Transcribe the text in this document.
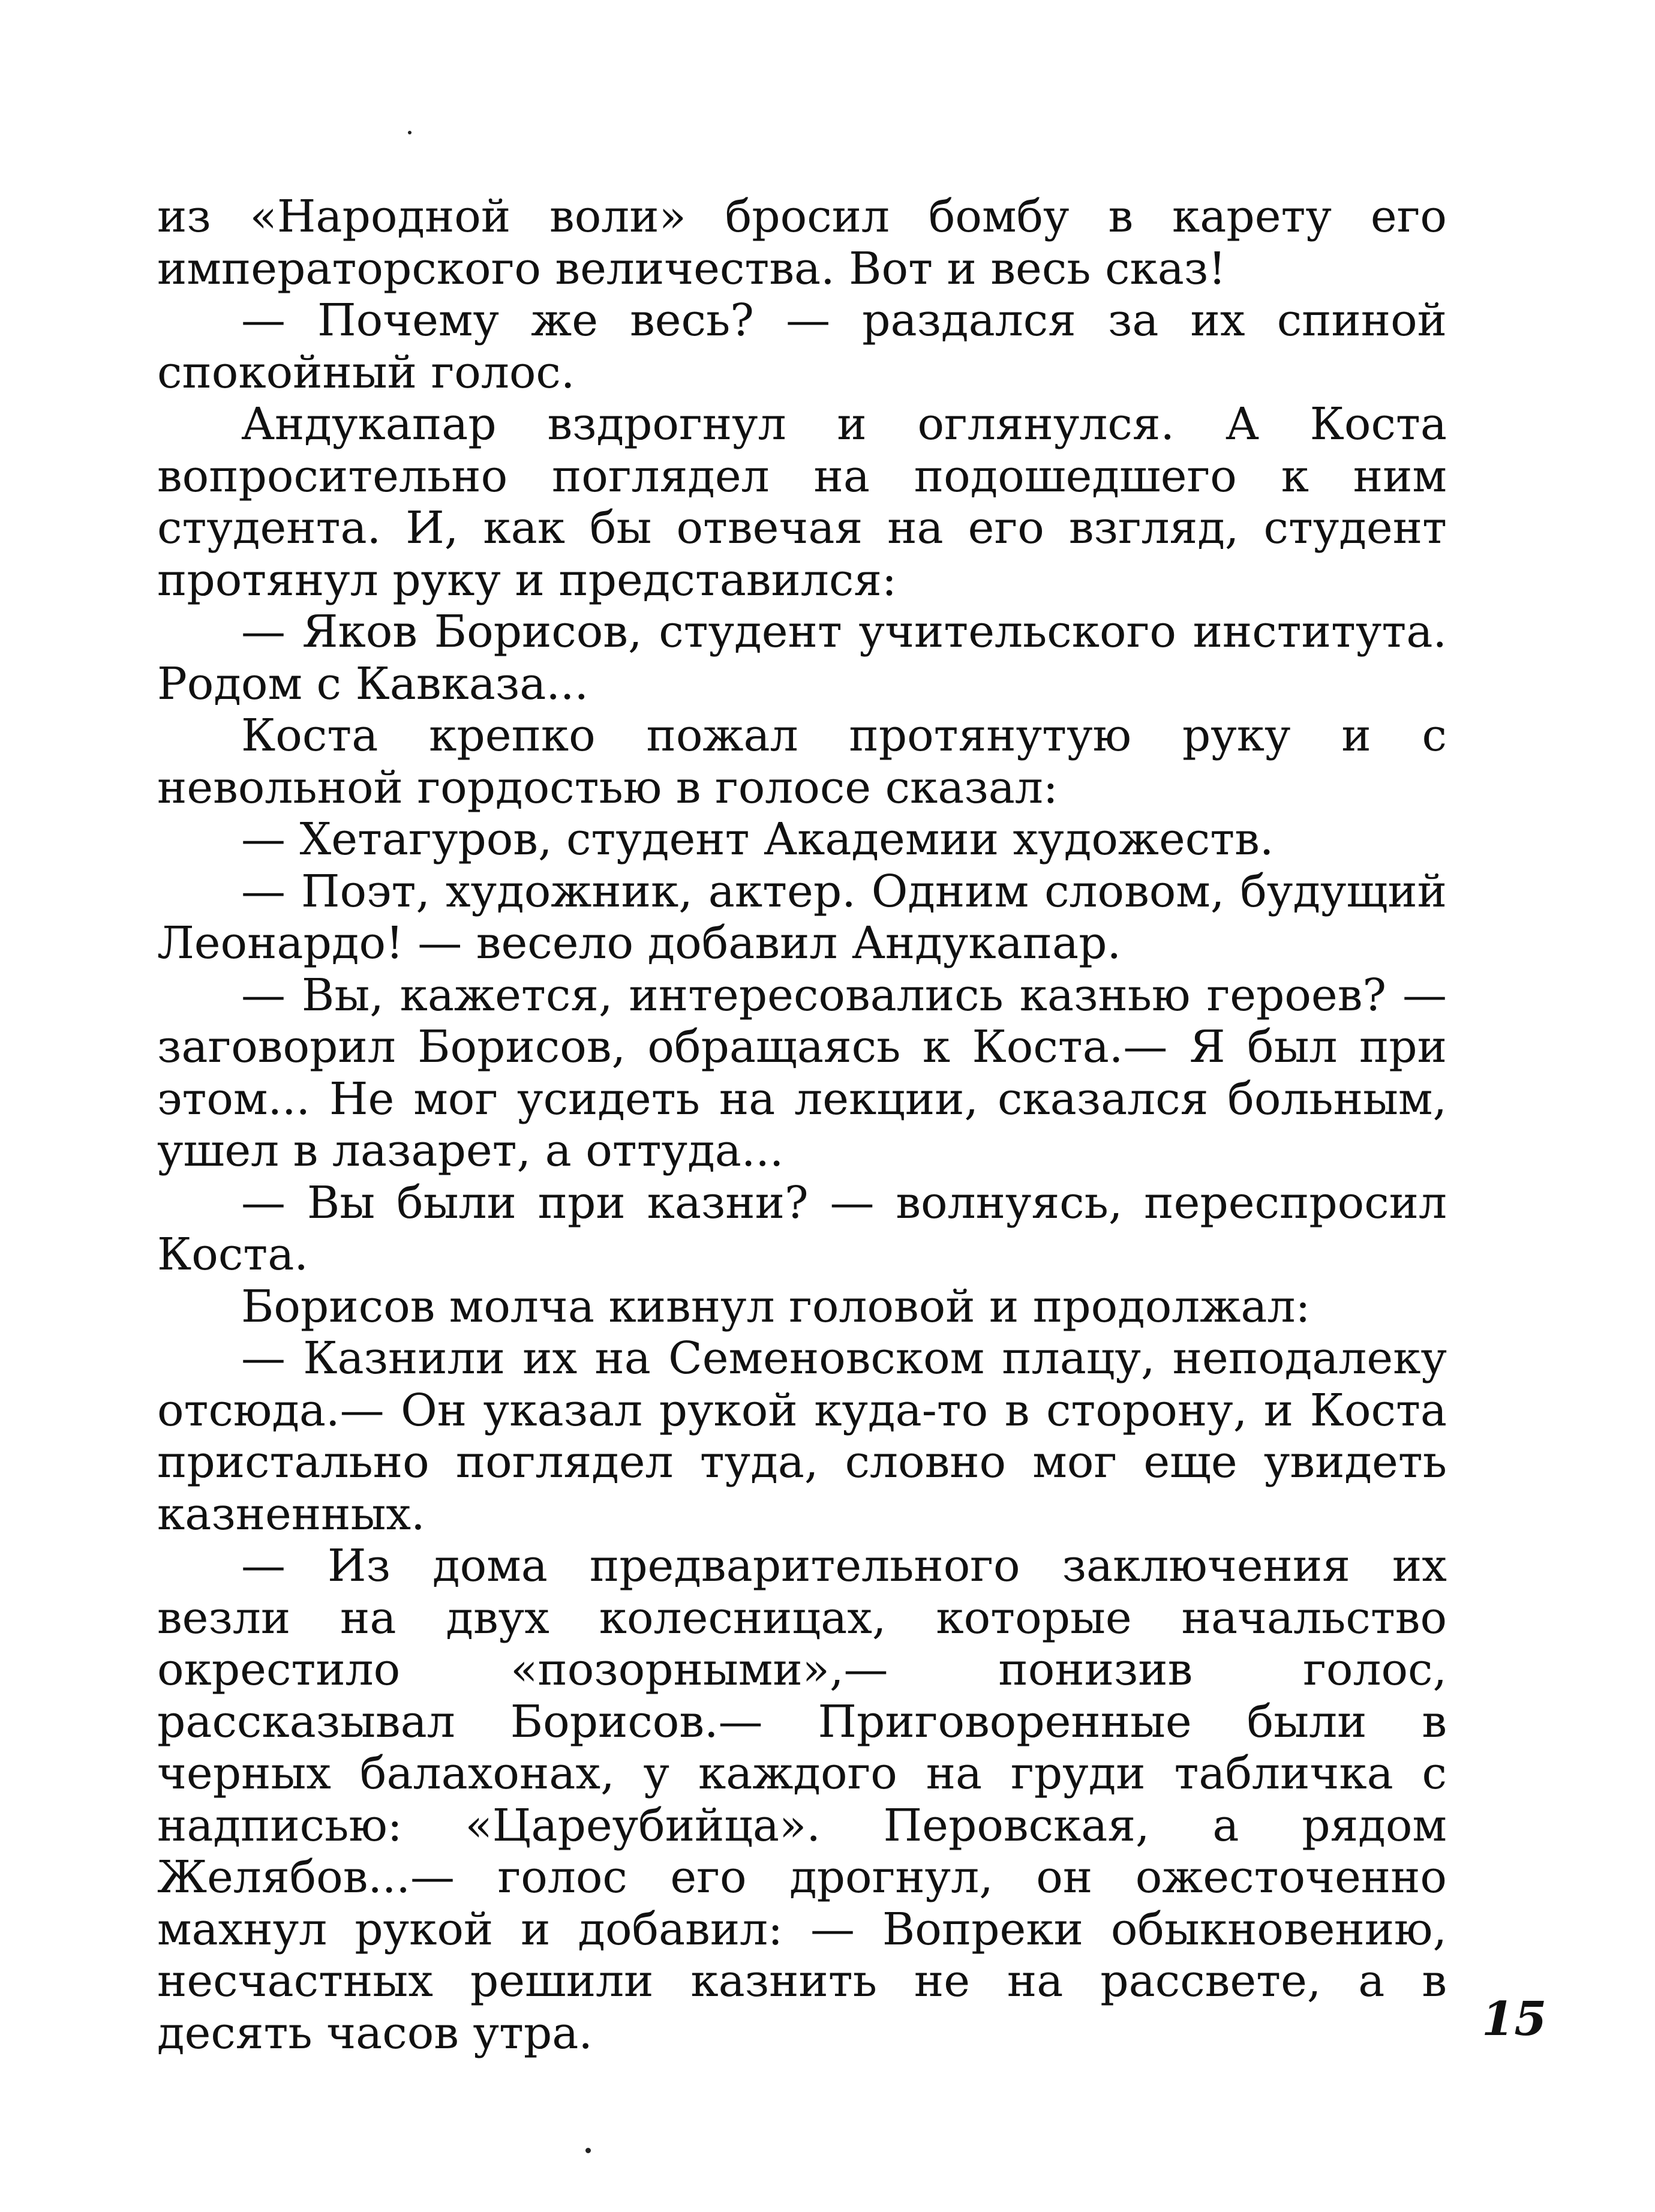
из «Народной воли» бросил бомбу в карету его императорского величества. Вот и весь сказ!

— Почему же весь? — раздался за их спиной спокойный голос.

Андукапар вздрогнул и оглянулся. А Коста вопросительно поглядел на подошедшего к ним студента. И, как бы отвечая на его взгляд, студент протянул руку и представился:

— Яков Борисов, студент учительского института. Родом с Кавказа...

Коста крепко пожал протянутую руку и с невольной гордостью в голосе сказал:

— Хетагуров, студент Академии художеств.

— Поэт, художник, актер. Одним словом, будущий Леонардо! — весело добавил Андукапар.

— Вы, кажется, интересовались казнью героев? — заговорил Борисов, обращаясь к Коста.— Я был при этом... Не мог усидеть на лекции, сказался больным, ушел в лазарет, а оттуда...

— Вы были при казни? — волнуясь, переспросил Коста.

Борисов молча кивнул головой и продолжал:

— Казнили их на Семеновском плацу, неподалеку отсюда.— Он указал рукой куда-то в сторону, и Коста пристально поглядел туда, словно мог еще увидеть казненных.

— Из дома предварительного заключения их везли на двух колесницах, которые начальство окрестило «позорными»,— понизив голос, рассказывал Борисов.— Приговоренные были в черных балахонах, у каждого на груди табличка с надписью: «Цареубийца». Перовская, а рядом Желябов...— голос его дрогнул, он ожесточенно махнул рукой и добавил: — Вопреки обыкновению, несчастных решили казнить не на рассвете, а в десять часов утра.	15
